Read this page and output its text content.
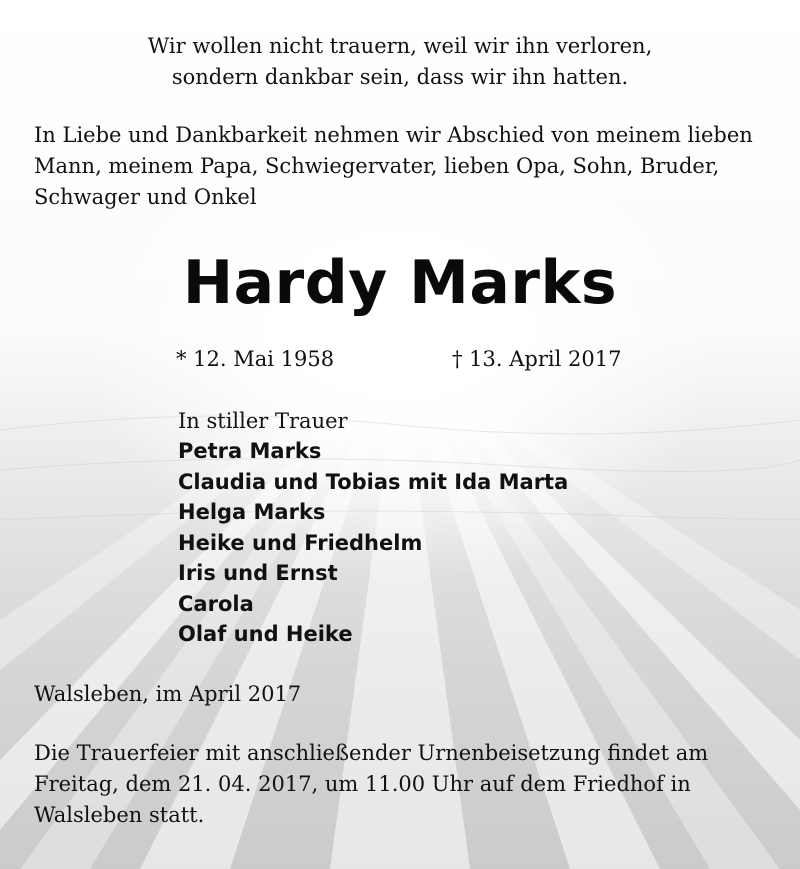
Wir wollen nicht trauern, weil wir ihn verloren,
sondern dankbar sein, dass wir ihn hatten.
In Liebe und Dankbarkeit nehmen wir Abschied von meinem lieben
Mann, meinem Papa, Schwiegervater, lieben Opa, Sohn, Bruder,
Schwager und Onkel
Hardy Marks
* 12. Mai 1958	† 13. April 2017
In stiller Trauer
Petra Marks
Claudia und Tobias mit Ida Marta
Helga Marks
Heike und Friedhelm
Iris und Ernst
Carola
Olaf und Heike
Walsleben, im April 2017
Die Trauerfeier mit anschließender Urnenbeisetzung findet am
Freitag, dem 21. 04. 2017, um 11.00 Uhr auf dem Friedhof in
Walsleben statt.
